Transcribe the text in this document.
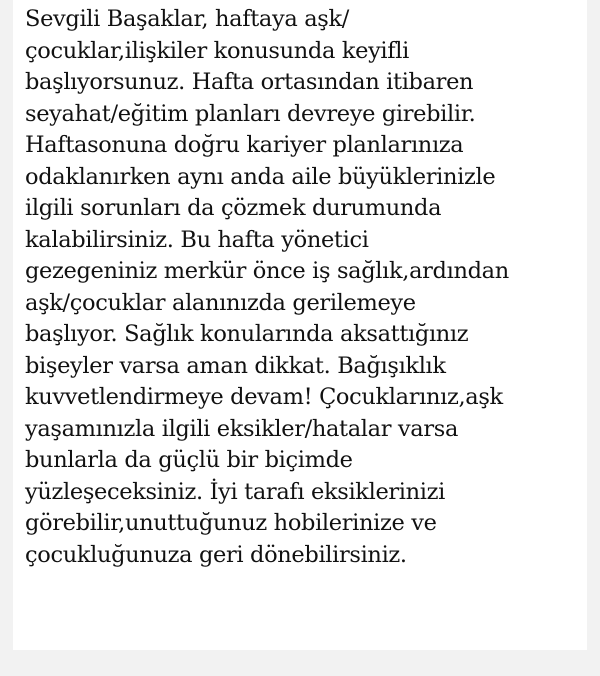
Sevgili Başaklar, haftaya aşk/
çocuklar,ilişkiler konusunda keyifli
başlıyorsunuz. Hafta ortasından itibaren
seyahat/eğitim planları devreye girebilir.
Haftasonuna doğru kariyer planlarınıza
odaklanırken aynı anda aile büyüklerinizle
ilgili sorunları da çözmek durumunda
kalabilirsiniz. Bu hafta yönetici
gezegeniniz merkür önce iş sağlık,ardından
aşk/çocuklar alanınızda gerilemeye
başlıyor. Sağlık konularında aksattığınız
bişeyler varsa aman dikkat. Bağışıklık
kuvvetlendirmeye devam! Çocuklarınız,aşk
yaşamınızla ilgili eksikler/hatalar varsa
bunlarla da güçlü bir biçimde
yüzleşeceksiniz. İyi tarafı eksiklerinizi
görebilir,unuttuğunuz hobilerinize ve
çocukluğunuza geri dönebilirsiniz.
